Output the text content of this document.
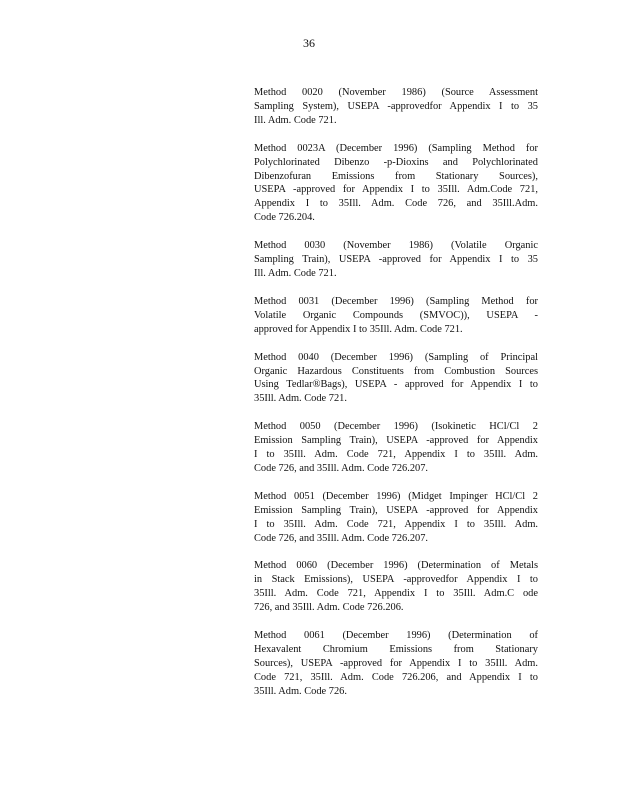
36
Method 0020 (November 1986) (Source Assessment
Sampling System), USEPA -approvedfor Appendix I to 35
Ill. Adm. Code 721.
Method 0023A (December 1996) (Sampling Method for
Polychlorinated Dibenzo -p-Dioxins and Polychlorinated
Dibenzofuran Emissions from Stationary Sources),
USEPA -approved for Appendix I to 35Ill. Adm.Code 721,
Appendix I to 35Ill. Adm. Code 726, and 35Ill.Adm.
Code 726.204.
Method 0030 (November 1986) (Volatile Organic
Sampling Train), USEPA -approved for Appendix I to 35
Ill. Adm. Code 721.
Method 0031 (December 1996) (Sampling Method for
Volatile Organic Compounds (SMVOC)), USEPA -
approved for Appendix I to 35Ill. Adm. Code 721.
Method 0040 (December 1996) (Sampling of Principal
Organic Hazardous Constituents from Combustion Sources
Using Tedlar®Bags), USEPA - approved for Appendix I to
35Ill. Adm. Code 721.
Method 0050 (December 1996) (Isokinetic HCl/Cl 2
Emission Sampling Train), USEPA -approved for Appendix
I to 35Ill. Adm. Code 721, Appendix I to 35Ill. Adm.
Code 726, and 35Ill. Adm. Code 726.207.
Method 0051 (December 1996) (Midget Impinger HCl/Cl 2
Emission Sampling Train), USEPA -approved for Appendix
I to 35Ill. Adm. Code 721, Appendix I to 35Ill. Adm.
Code 726, and 35Ill. Adm. Code 726.207.
Method 0060 (December 1996) (Determination of Metals
in Stack Emissions), USEPA -approvedfor Appendix I to
35Ill. Adm. Code 721, Appendix I to 35Ill. Adm.C ode
726, and 35Ill. Adm. Code 726.206.
Method 0061 (December 1996) (Determination of
Hexavalent Chromium Emissions from Stationary
Sources), USEPA -approved for Appendix I to 35Ill. Adm.
Code 721, 35Ill. Adm. Code 726.206, and Appendix I to
35Ill. Adm. Code 726.
